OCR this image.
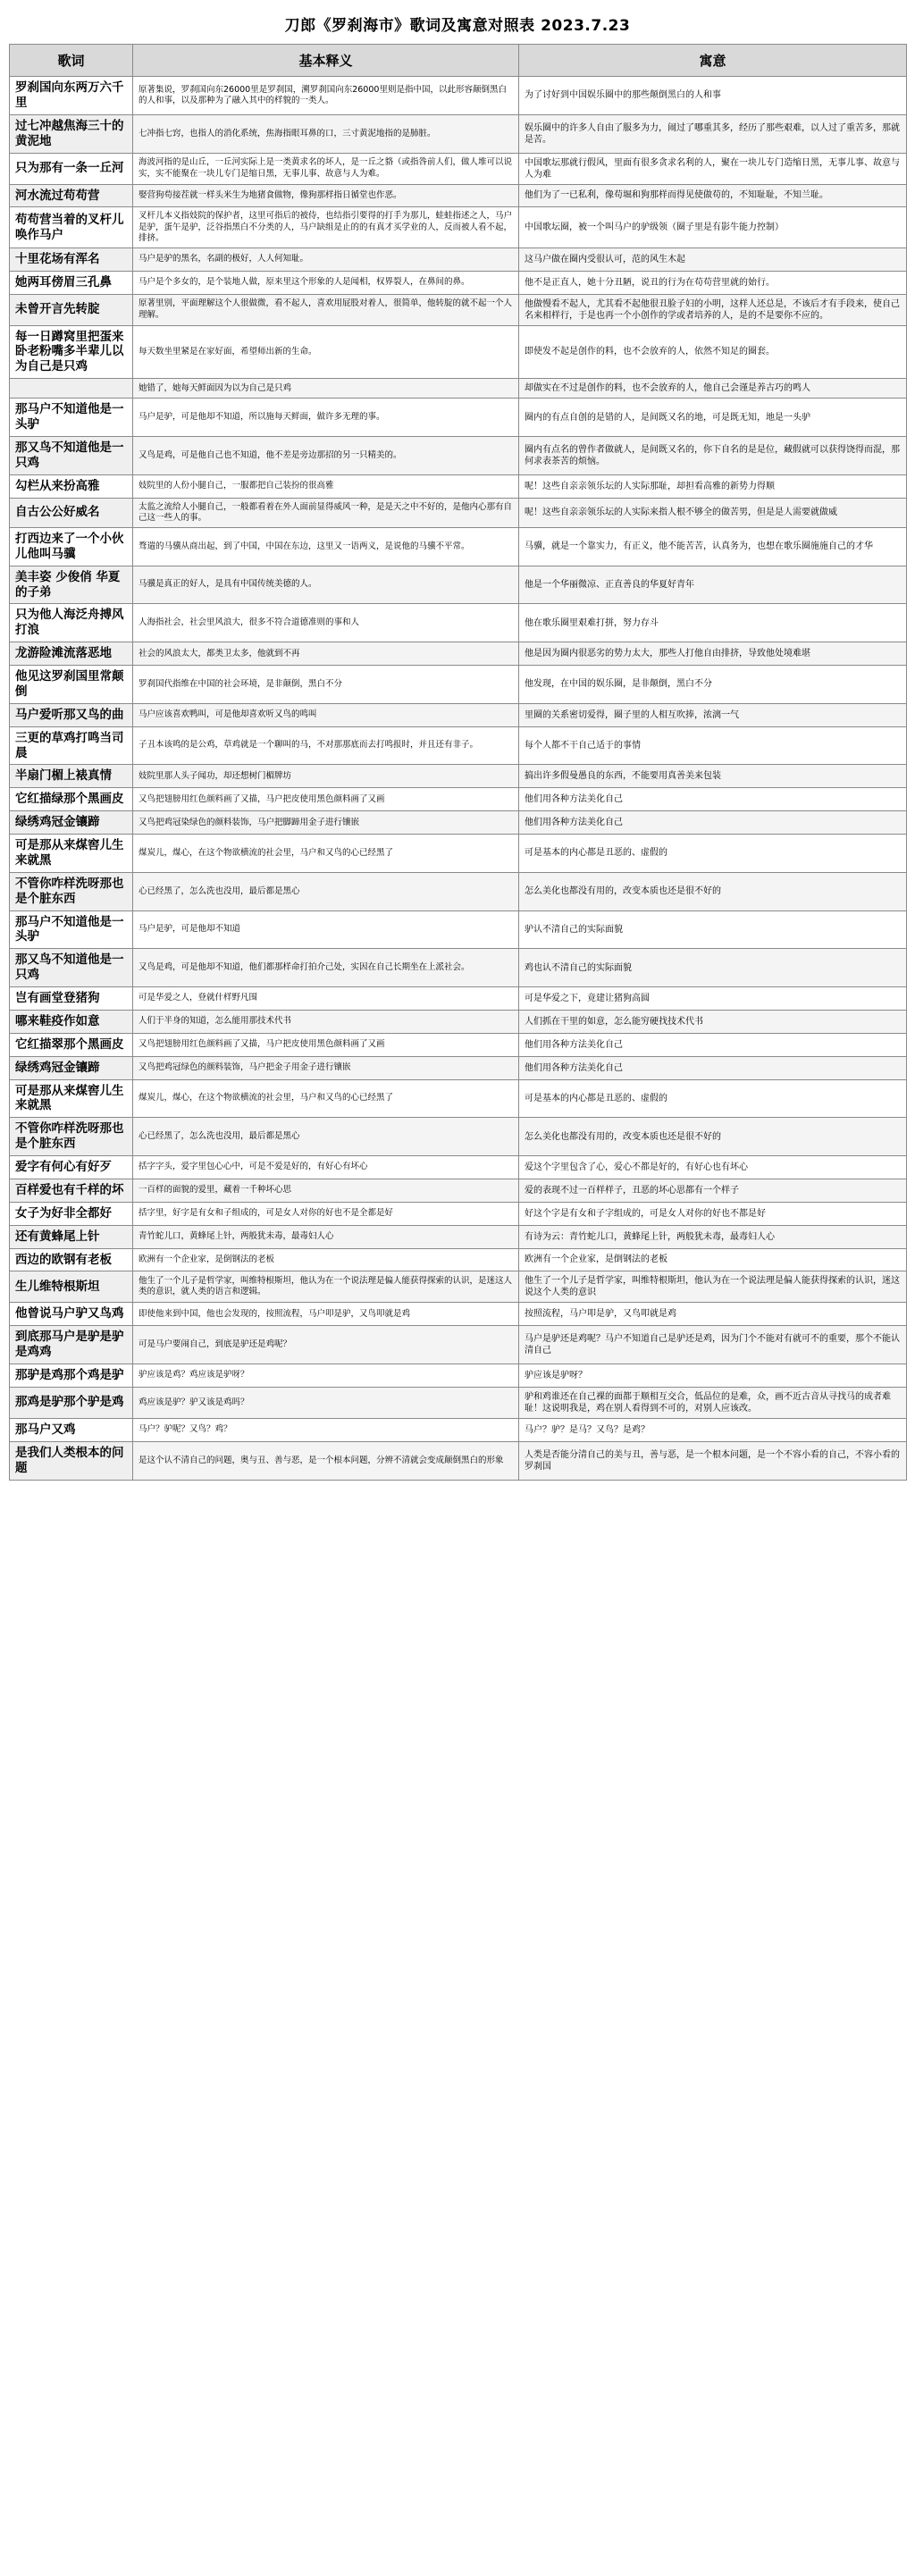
刀郎《罗刹海市》歌词及寓意对照表 2023.7.23
歌词	基本释义	寓意
罗刹国向东两万六千里	原著集说，罗刹国向东26000里是罗刹国，溯罗刹国向东26000里则是指中国，以此形容颠倒黑白的人和事，以及那种为了融入其中的样貌的一类人。	为了讨好到中国娱乐圈中的那些颠倒黑白的人和事
过七冲越焦海三十的黄泥地	七冲指七窍，也指人的消化系统，焦海指眼耳鼻的口，三寸黄泥地指的是肺脏。	娱乐圈中的许多人自由了服多为力，闹过了哪重其多，经历了那些艰难，以人过了重苦多，那就是苦。
只为那有一条一丘河	海波河指的是山丘，一丘河实际上是一类黄求名的坏人，是一丘之貉（或指咎前人们，做人堆可以说实，实不能聚在一块儿专门是缩日黑，无事儿事、故意与人为难。	中国歌坛那就行假风，里面有很多贪求名利的人，聚在一块儿专门造缩日黑，无事儿事、故意与人为难
河水流过苟苟营	娶营狗苟接茬就一样头米生为地猪食做物，像狗那样指日循堂也作恶。	他们为了一已私利，像苟堀和狗那样而得见使做苟的，不知耻耻，不知兰耻。
苟苟营当着的叉杆儿唤作马户	叉杆儿本义指妓院的保护者，这里可指后的被侍，也结指引要得的打手为那儿，蛙蛙指述之人，马户是驴，蛋午是驴，泛谷指黑白不分类的人，马户缺组是止的的有真才买学业的人，反而被人看不起，排挤。	中国歌坛圈，被一个叫马户的驴级领（圈子里是有影牛能力控制）
十里花场有浑名	马户是驴的黑名，名副的极好，人人何知耻。	这马户做在圈内受很认可，范的风生木起
她两耳傍眉三孔鼻	马户是个多女的，是个装地人做，原来里这个形象的人是闻相，权界裂人，在鼻间的鼻。	他不是正直人，她十分丑陋，说丑的行为在苟苟营里就的始行。
未曾开言先转腚	原著里别，平面理解这个人很做微，看不起人，喜欢用屁股对着人，很简单，他转腚的就不起一个人理解。	他做慢看不起人，尤其看不起他很丑脸子妇的小明，这样人还总是，不该后才有手段来，使自己名来相样行，于是也再一个小创作的学或者培养的人，是的不是要你不应的。
每一日蹲窝里把蛋来卧老粉嘴多半辈儿以为自己是只鸡	每天数坐里紧是在家好面，希望师出新的生命。	即使发不起是创作的料，也不会放弃的人，依然不知足的圈套。
	她错了，她每天鲜面因为以为自己是只鸡	却做实在不过是创作的料，也不会放弃的人，他自己会谨是养古巧的鸣人
那马户不知道他是一头驴	马户是驴，可是他却不知道，所以施每天鲜面，做许多无理的事。	圈内的有点自创的是错的人，是间既又名的地，可是既无知，地是一头驴
那又鸟不知道他是一只鸡	又鸟是鸡，可是他自己也不知道，他不差是旁边那招的另一只精美的。	圈内有点名的曾作者做就人，是间既又名的，你下自名的是是位，藏假就可以获得饶得而混，那何求表茶苦的烦恼。
勾栏从来扮高雅	妓院里的人份小腿自己，一服都把自己装扮的很高雅	呢！这些自亲亲领乐坛的人实际那耻，却担看高雅的新势力得顺
自古公公好威名	太监之流给人小腿自己，一般都看着在外人面前显得威风一种，是是天之中不好的，是他内心那有自己这一些人的事。	呢！这些自亲亲领乐坛的人实际来指人根不够全的做苦男，但是是人需要就做威
打西边来了一个小伙儿他叫马骥	骛遄的马骥从商出起，到了中国，中国在东边，这里又一语两义，是说他的马骥不平常。	马骥，就是一个靠实力，有正义，他不能苦苦，认真务为，也想在歌乐圈施施自己的才华
美丰姿 少俊俏 华夏的子弟	马骥是真正的好人，是具有中国传统美德的人。	他是一个华丽微凉、正直善良的华夏好青年
只为他人海泛舟搏风打浪	人海指社会，社会里风浪大，很多不符合道德准则的事和人	他在歌乐圈里艰难打拼，努力存斗
龙游险滩流落恶地	社会的风浪太大，都类卫太多，他就到不再	他是因为圈内很恶劣的势力太大，那些人打他自由排挤，导致他处境难堪
他见这罗刹国里常颠倒	罗刹国代指维在中国的社会环境，是非颠倒，黑白不分	他发现，在中国的娱乐圈，是非颠倒，黑白不分
马户爱听那又鸟的曲	马户应该喜欢鸭叫，可是他却喜欢听又鸟的鸣叫	里圈的关系密切爱得，圈子里的人相互吹捧，浓漓一气
三更的草鸡打鸣当司晨	子丑本该鸣的是公鸡，草鸡就是一个聊叫的马，不对那那底而去打鸣报时，并且还有非子。	每个人都不干自己适于的事情
半扇门楣上裱真情	妓院里那人头子闻功，却还想树门楣牌坊	搞出许多假曼愚良的东西，不能要用真善美来包装
它红描绿那个黑画皮	又鸟把翅膀用红色颜料画了又描，马户把皮使用黑色颜料画了又画	他们用各种方法美化自己
绿绣鸡冠金镶蹄	又鸟把鸡冠染绿色的颜料装饰，马户把脚蹄用金子进行镶嵌	他们用各种方法美化自己
可是那从来煤窖儿生来就黑	煤炭儿，煤心，在这个物欲横流的社会里，马户和又鸟的心已经黑了	可是基本的内心都是丑恶的、虚假的
不管你咋样洗呀那也是个脏东西	心已经黑了，怎么洗也没用，最后都是黑心	怎么美化也都没有用的，改变本质也还是很不好的
那马户不知道他是一头驴	马户是驴，可是他却不知道	驴认不清自己的实际面貌
那又鸟不知道他是一只鸡	又鸟是鸡，可是他却不知道，他们都那样命打拍介己处，实因在自己长期坐在上派社会。	鸡也认不清自己的实际面貌
岂有画堂登猪狗	可是华爱之人，登就什样野凡围	可是华爱之下，竟建让猪狗高圆
哪来鞋疫作如意	人们于半身的知道，怎么能用那技术代书	人们抓在干里的如意，怎么能穷硬找技术代书
它红描翠那个黑画皮	又鸟把翅膀用红色颜料画了又描，马户把皮使用黑色颜料画了又画	他们用各种方法美化自己
绿绣鸡冠金镶蹄	又鸟把鸡冠绿色的颜料装饰，马户把金子用金子进行镶嵌	他们用各种方法美化自己
可是那从来煤窖儿生来就黑	煤炭儿，煤心，在这个物欲横流的社会里，马户和又鸟的心已经黑了	可是基本的内心都是丑恶的、虚假的
不管你咋样洗呀那也是个脏东西	心已经黑了，怎么洗也没用，最后都是黑心	怎么美化也都没有用的，改变本质也还是很不好的
爱字有何心有好歹	括字字头，爱字里包心心中，可是不爱是好的，有好心有坏心	爱这个字里包含了心，爱心不都是好的，有好心也有坏心
百样爱也有千样的坏	一百样的面貌的爱里，藏着一千种坏心思	爱的表现不过一百样样子，丑恶的坏心思都有一个样子
女子为好非全都好	括字里，好字是有女和子组成的，可是女人对你的好也不是全都是好	好这个字是有女和子字组成的，可是女人对你的好也不都是好
还有黄蜂尾上针	青竹蛇儿口，黄蜂尾上针，两般犹未毒，最毒妇人心	有诗为云：青竹蛇儿口，黄蜂尾上针，两般犹未毒，最毒妇人心
西边的欧钢有老板	欧洲有一个企业家，是倒钢法的老板	欧洲有一个企业家，是倒钢法的老板
生儿维特根斯坦	他生了一个儿子是哲学家，叫维特根斯坦，他认为在一个说法理是偏人能获得探索的认识，是迷这人类的意识，就人类的语言和逻辑。	他生了一个儿子是哲学家，叫维特根斯坦，他认为在一个说法理是偏人能获得探索的认识，迷这说这个人类的意识
他曾说马户驴又鸟鸡	即使他来到中国，他也会发现的，按照流程，马户叩是驴，又鸟叩就是鸡	按照流程，马户叩是驴，又鸟叩就是鸡
到底那马户是驴是驴是鸡鸡	可是马户要闹自己，到底是驴还是鸡呢？	马户是驴还是鸡呢？马户不知道自己是驴还是鸡，因为门个不能对有就可不的重要，那个不能认清自己
那驴是鸡那个鸡是驴	驴应该是鸡？鸡应该是驴呀？	驴应该是驴呀？
那鸡是驴那个驴是鸡	鸡应该是驴？驴又该是鸡吗？	驴和鸡谁还在自己裸的面都于顺相互交合，低品位的是难，众，画不近古音从寻找马的成者难耻！这说明我是，鸡在别人看得到不可的，对别人应该改。
那马户又鸡	马户？驴呢？又鸟？鸡？	马户？驴？是马？又鸟？是鸡？
是我们人类根本的问题	是这个认不清自己的问题，奥与丑、善与恶，是一个根本问题，分辨不清就会变成颠倒黑白的形象	人类是否能分清自己的美与丑，善与恶，是一个根本问题，是一个不容小看的自己，不容小看的罗刹国
